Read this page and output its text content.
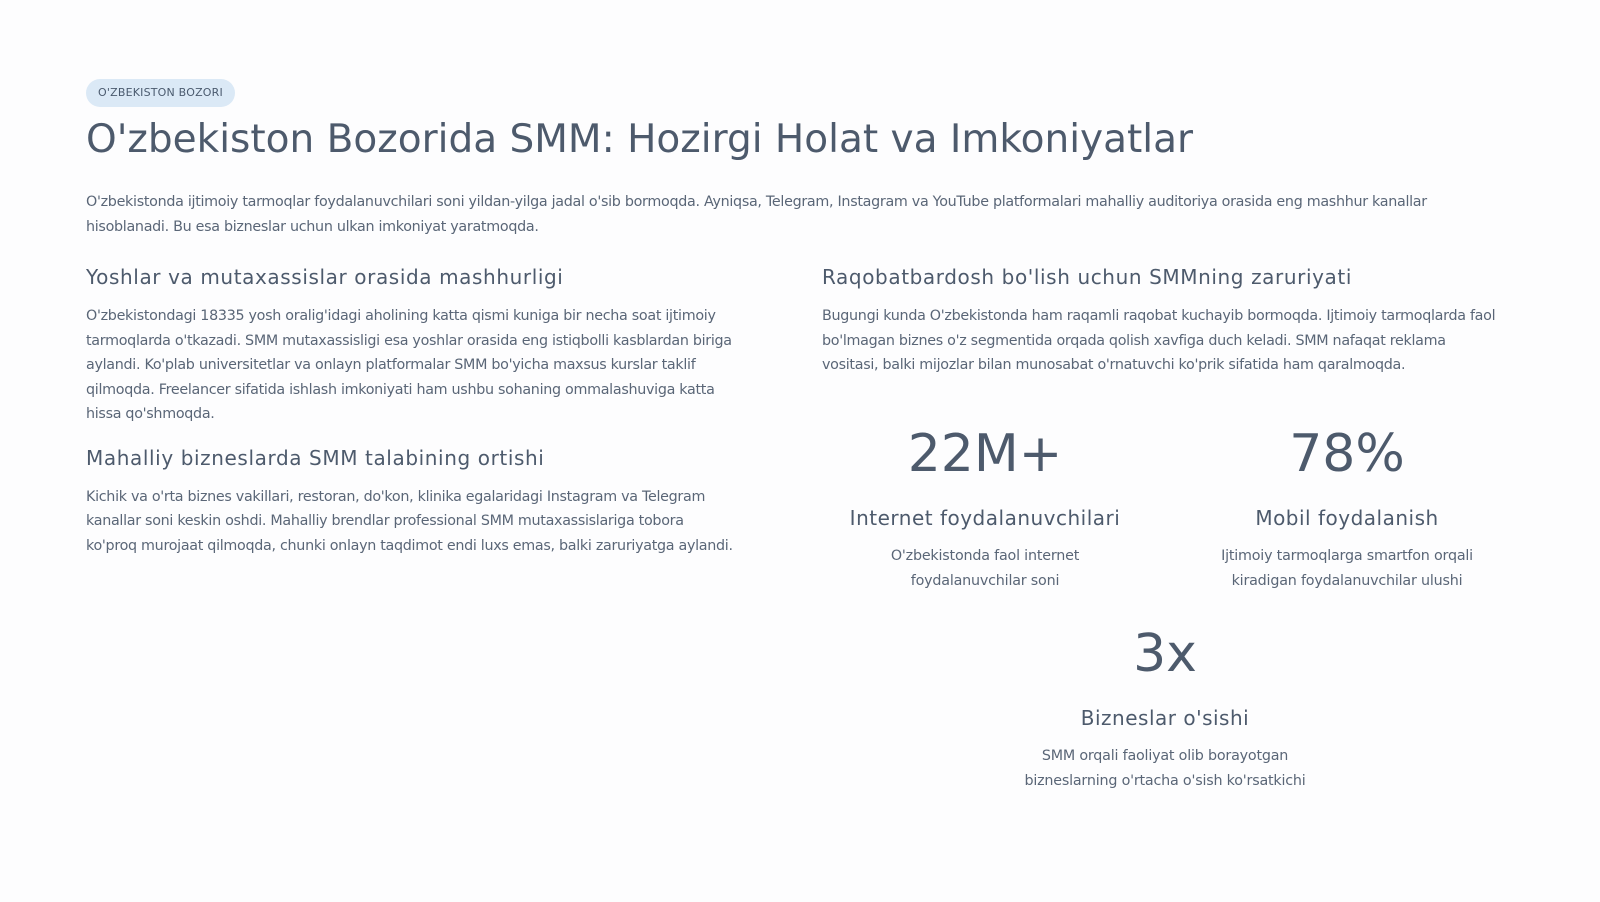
O'ZBEKISTON BOZORI
O'zbekiston Bozorida SMM: Hozirgi Holat va Imkoniyatlar

O'zbekistonda ijtimoiy tarmoqlar foydalanuvchilari soni yildan-yilga jadal o'sib bormoqda. Ayniqsa, Telegram, Instagram va YouTube platformalari mahalliy auditoriya orasida eng mashhur kanallar hisoblanadi. Bu esa bizneslar uchun ulkan imkoniyat yaratmoqda.

Yoshlar va mutaxassislar orasida mashhurligi

O'zbekistondagi 18335 yosh oralig'idagi aholining katta qismi kuniga bir necha soat ijtimoiy tarmoqlarda o'tkazadi. SMM mutaxassisligi esa yoshlar orasida eng istiqbolli kasblardan biriga aylandi. Ko'plab universitetlar va onlayn platformalar SMM bo'yicha maxsus kurslar taklif qilmoqda. Freelancer sifatida ishlash imkoniyati ham ushbu sohaning ommalashuviga katta hissa qo'shmoqda.

Mahalliy bizneslarda SMM talabining ortishi

Kichik va o'rta biznes vakillari, restoran, do'kon, klinika egalaridagi Instagram va Telegram kanallar soni keskin oshdi. Mahalliy brendlar professional SMM mutaxassislariga tobora ko'proq murojaat qilmoqda, chunki onlayn taqdimot endi luxs emas, balki zaruriyatga aylandi.

Raqobatbardosh bo'lish uchun SMMning zaruriyati

Bugungi kunda O'zbekistonda ham raqamli raqobat kuchayib bormoqda. Ijtimoiy tarmoqlarda faol bo'lmagan biznes o'z segmentida orqada qolish xavfiga duch keladi. SMM nafaqat reklama vositasi, balki mijozlar bilan munosabat o'rnatuvchi ko'prik sifatida ham qaralmoqda.

22M+
Internet foydalanuvchilari
O'zbekistonda faol internet foydalanuvchilar soni
78%
Mobil foydalanish
Ijtimoiy tarmoqlarga smartfon orqali kiradigan foydalanuvchilar ulushi
3x
Bizneslar o'sishi
SMM orqali faoliyat olib borayotgan bizneslarning o'rtacha o'sish ko'rsatkichi
